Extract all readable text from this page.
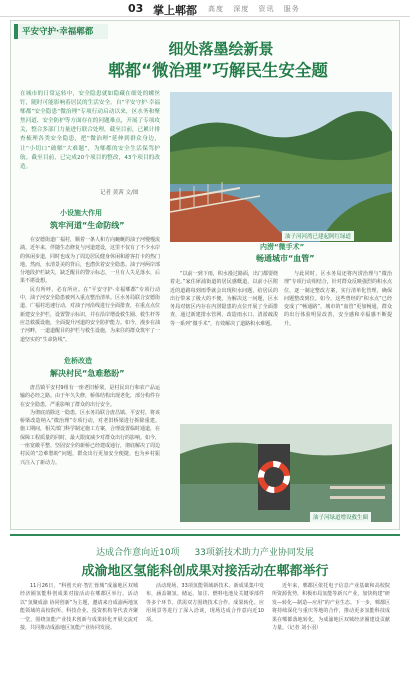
03 掌上郫都 高度 深度 资讯 服务
平安守护·幸福郫都
细处落墨绘新景
郫都“微治理”巧解民生安全题
在城市的日常运转中，安全隐患就如隐藏在细处的螺丝钉，随时可能影响着居民的生活安全。自“平安守护·幸福郫都”安全隐患“微治理”专项行动启动以来，区水务和聚焦河道、安全防护等方面存在的问题难点，开展了专项攻关，整合多部门力量进行联合处理，截至目前，已累计排查梳理各类安全隐患，把“微治理”延伸到群众身边，让“小切口”破解“大难题”，为郫都的安全生活保驾护航。截至目前，已完成20个项目的整改，43个项目的改造。
记者 黄茜 文/图
油子河河湾已建起阿红绿道
小设施大作用
筑牢河道“生命防线”

在安德街道广福村，顺着一条人和方向蜿蜒的油子河慢慢流淌。近年来，伴随生态修复与河道建设，这里不仅有了不少水岸的休闲步道，同时也成为了周边居民健身休闲和游客打卡的热门地。然而，水清景美的背后，也潜伏着安全隐患。油子河两岸部分地段护栏缺失，缺乏醒目的警示标志，一旦有人失足落水，后果不堪设想。

民有所呼，必有所应。在“平安守护·幸福郫都”专项行动中，油子河安全隐患被列入重点整治清单。区水务局联合安德街道、广福村迅速行动，对油子河沿线进行全面排查，在重点点位新建安全护栏，设置警示标识，并在沿岸增设救生圈、救生杆等应急救援设施，全面提升河道的安全防护能力。如今，漫步在油子河畔，一道道醒目的护栏与救生设施，为来往的群众筑牢了一道坚实的“生命防线”。

危桥改造
解决村民“急难愁盼”

唐昌镇平安村9组有一座老旧桥梁，是村民出行和农产品运输的必经之路。由于年久失修，桥体结构出现老化，部分构件存在安全隐患，严重影响了群众的出行安全。

为彻底消除这一隐患，区水务局联合唐昌镇、平安村，将该桥梁改造纳入“微治理”专项行动，对老旧桥梁进行拆除重建。施工期间，相关部门科学制定施工方案，合理设置临时通道，在保障工程质量的同时，最大限度减少对群众出行的影响。如今，一座宽敞平整、坚固安全的新桥已经建成通行，彻底解决了周边村民的“急难愁盼”问题，群众出行更加安全便捷，也为乡村振兴注入了新动力。

内涝“微手术”
畅通城市“血管”

“以前一到下雨，积水漫过路面，出门都要绕着走。”家住犀浦街道的居民感慨道，以前小区附近的道路每到雨季就会出现积水问题，给居民的出行带来了极大的不便。为解决这一问题，区水务局对辖区内存在内涝隐患的点位开展了全面排查，通过新建排水管网、改造雨水口、清淤疏浚等一系列“微手术”，有效解决了道路积水难题。

与此同时，区水务局还将内涝治理与“微治理”专项行动相结合，针对群众反映强烈的积水点位，逐一制定整改方案，实行清单化管理，确保问题整改到位。如今，这些曾经的“积水点”已经变成了“畅通路”，城市的“血管”更加畅通，群众的出行体验明显改善，安全感和幸福感不断提升。

油子河绿道增设救生圈
达成合作意向近10项 33项新技术助力产业协同发展
成渝地区氢能科创成果对接活动在郫都举行

11月26日，“科创天府·智汇蓉城”成渝地区双城经济圈氢能科创成果对接活动在郫都区举行。活动以“氢聚成渝 协同创新”为主题，邀请来自成渝两地氢能领域的高校院所、科技企业、投资机构等代表齐聚一堂，围绕氢能产业技术创新与成果转化开展交流对接，共同推动成渝地区氢能产业协同发展。

活动现场，33项氢能领域新技术、新成果集中发布，涵盖制氢、储运、加注、燃料电池及关键零部件等多个环节。供需双方围绕技术合作、成果转化、应用场景等进行了深入洽谈，现场达成合作意向近10项。

近年来，郫都区依托电子信息产业基础和高校院所资源优势，积极布局氢能等新兴产业，加快构建“研发—转化—制造—应用”的产业生态。下一步，郫都区将持续深化与重庆等地的合作，推动更多氢能科技成果在郫都落地转化，为成渝地区双城经济圈建设贡献力量。（记者 刘小羽）
